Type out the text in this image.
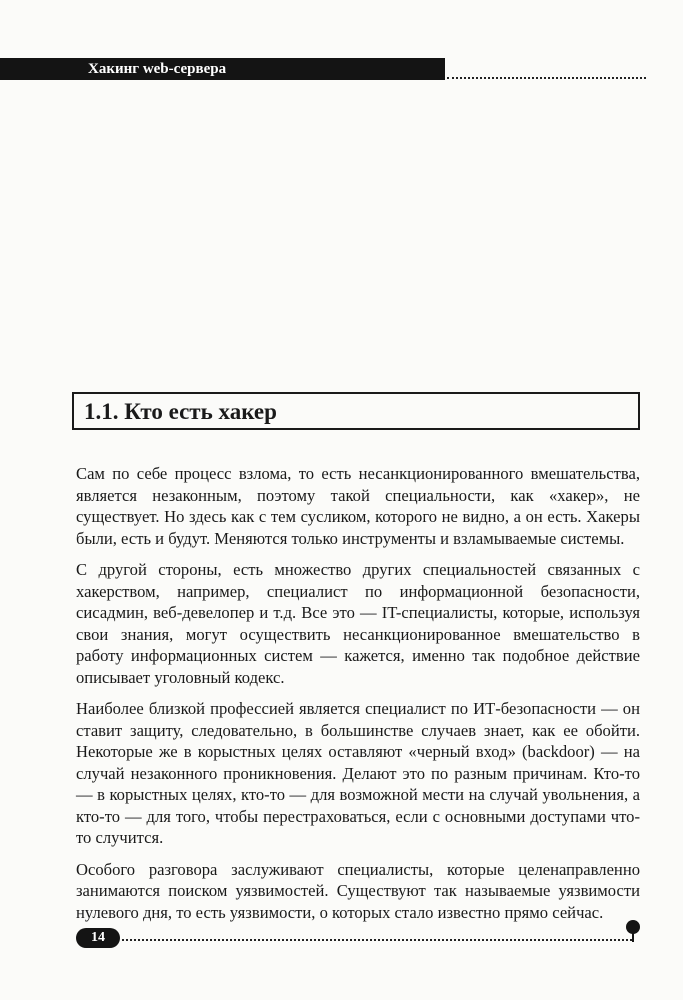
Хакинг web-сервера
1.1. Кто есть хакер

Сам по себе процесс взлома, то есть несанкционированного вмешательства, является незаконным, поэтому такой специальности, как «хакер», не существует. Но здесь как с тем сусликом, которого не видно, а он есть. Хакеры были, есть и будут. Меняются только инструменты и взламываемые системы.

С другой стороны, есть множество других специальностей связанных с хакерством, например, специалист по информационной безопасности, сисадмин, веб-девелопер и т.д. Все это — IT-специалисты, которые, используя свои знания, могут осуществить несанкционированное вмешательство в работу информационных систем — кажется, именно так подобное действие описывает уголовный кодекс.

Наиболее близкой профессией является специалист по ИТ-безопасности — он ставит защиту, следовательно, в большинстве случаев знает, как ее обойти. Некоторые же в корыстных целях оставляют «черный вход» (backdoor) — на случай незаконного проникновения. Делают это по разным причинам. Кто-то — в корыстных целях, кто-то — для возможной мести на случай увольнения, а кто-то — для того, чтобы перестраховаться, если с основными доступами что-то случится.

Особого разговора заслуживают специалисты, которые целенаправленно занимаются поиском уязвимостей. Существуют так называемые уязвимости нулевого дня, то есть уязвимости, о которых стало известно прямо сейчас.

14
